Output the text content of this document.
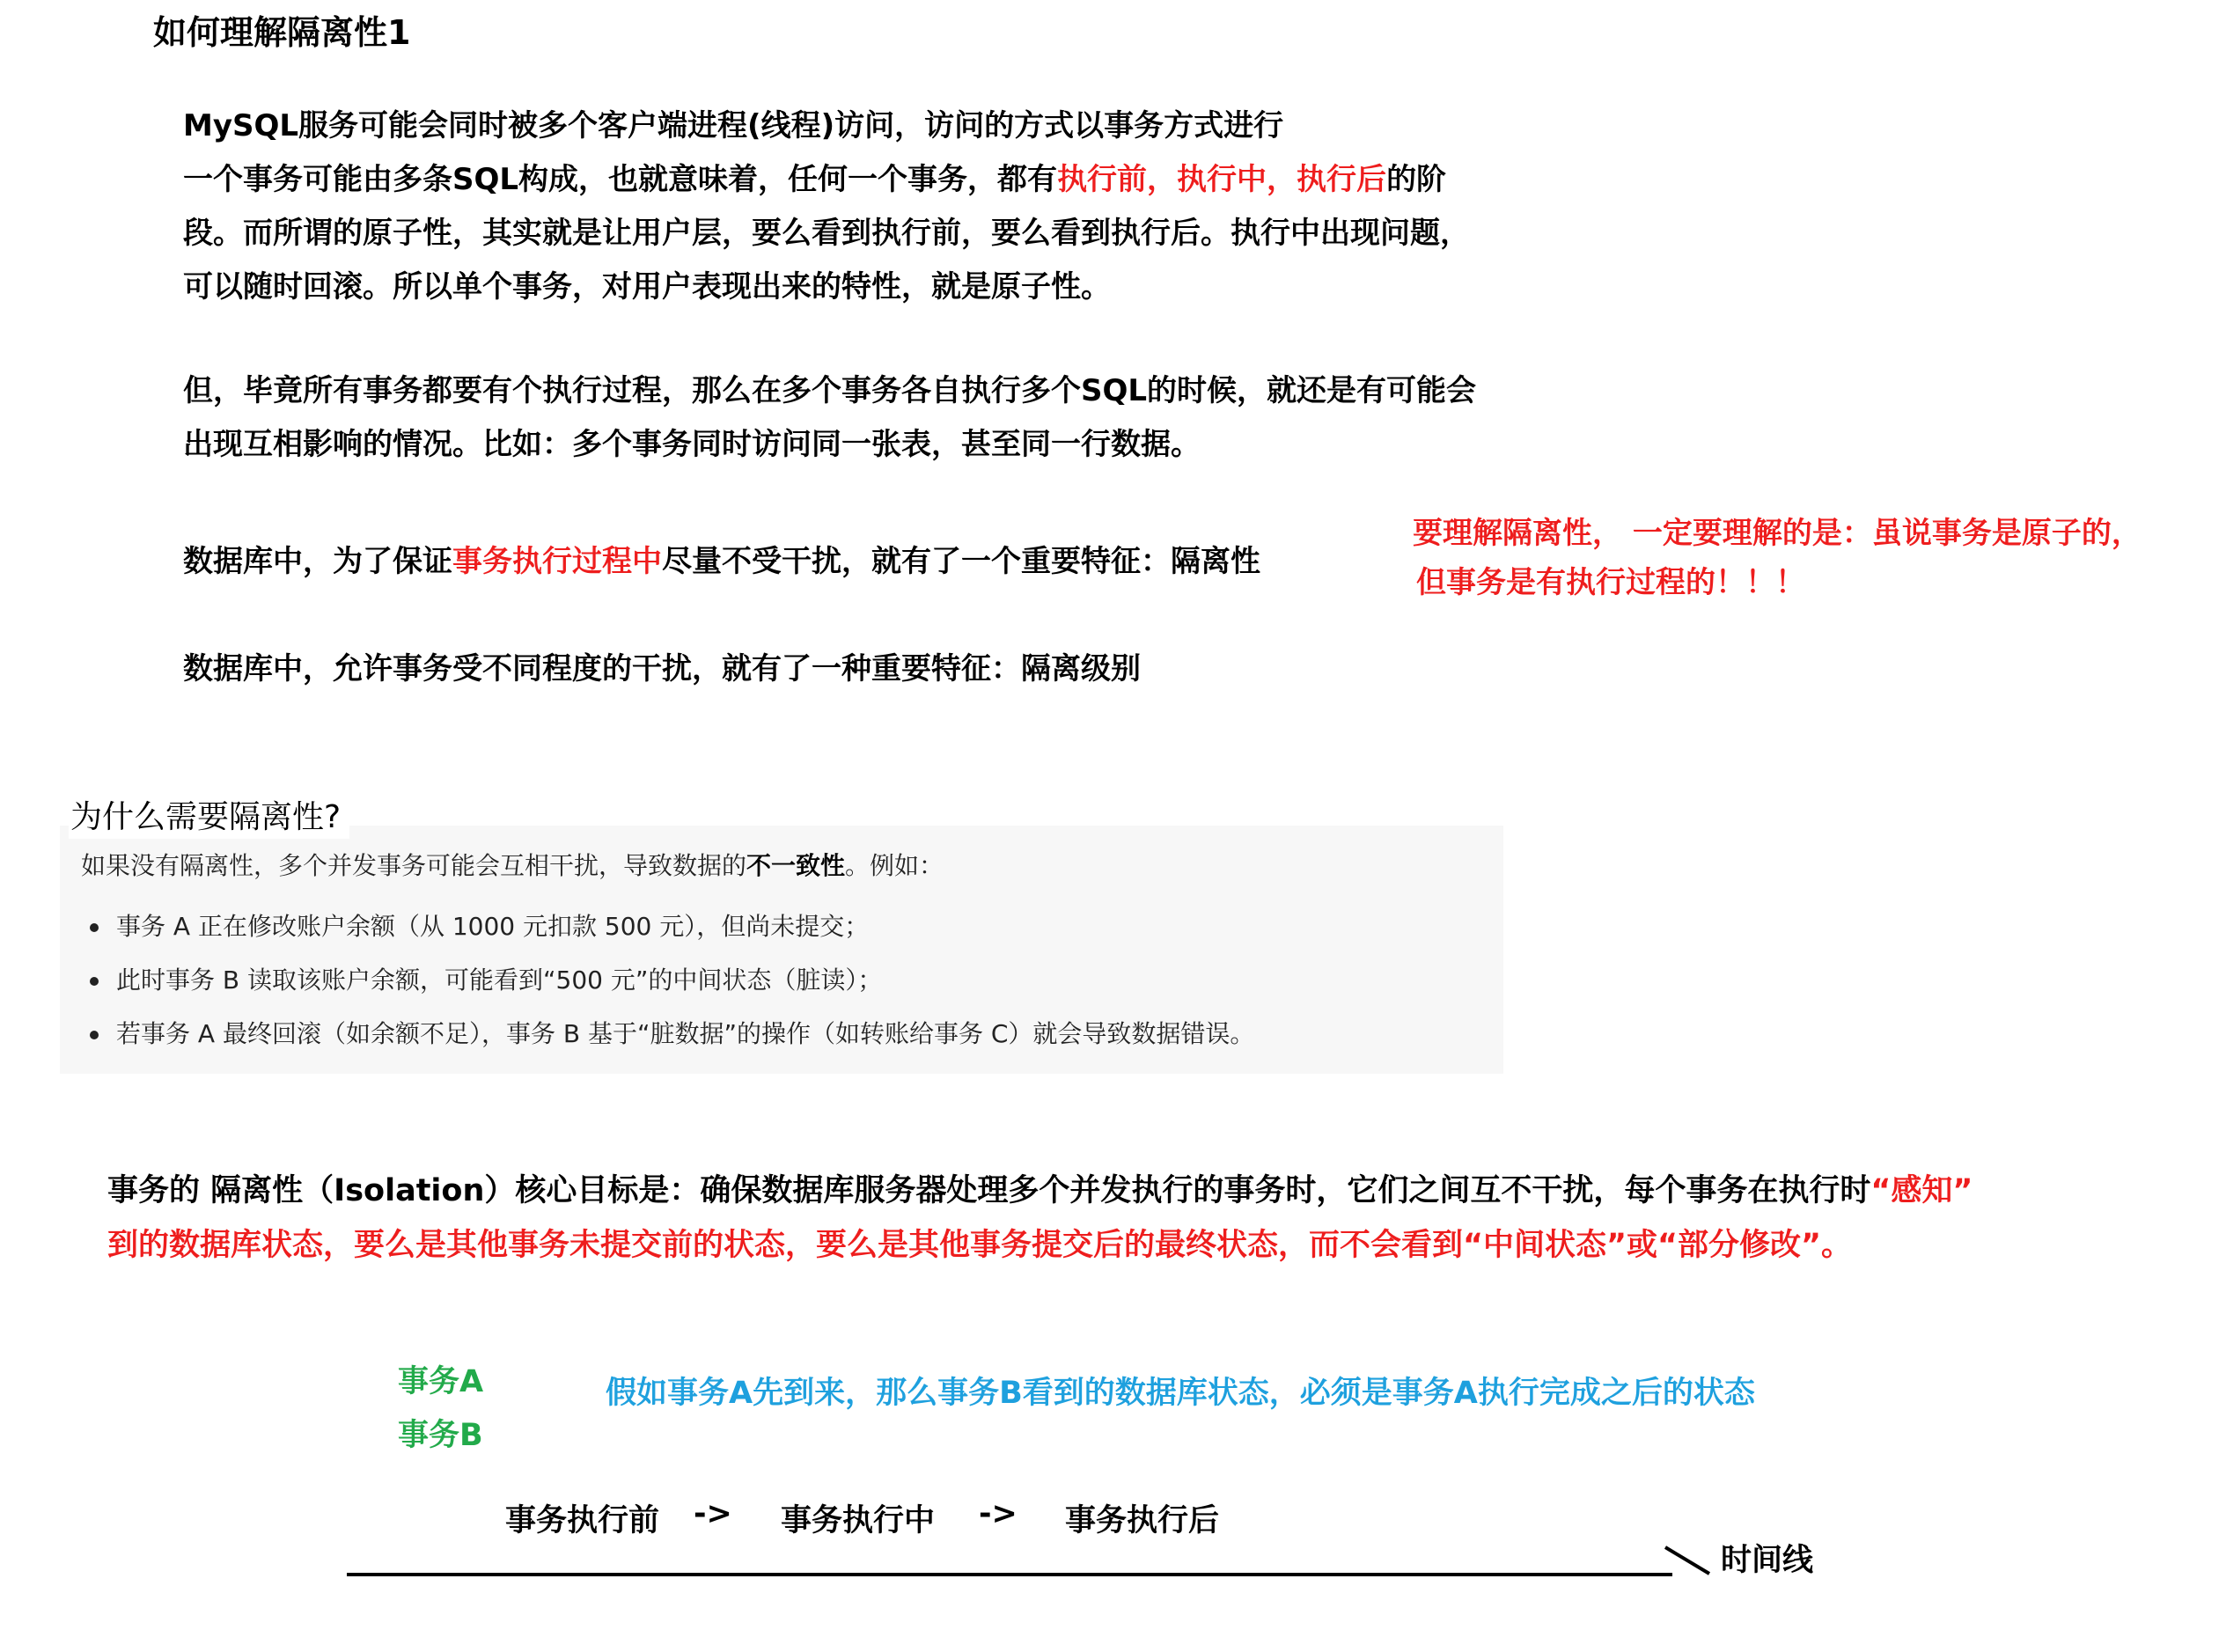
如何理解隔离性1
MySQL服务可能会同时被多个客户端进程(线程)访问，访问的方式以事务方式进行
一个事务可能由多条SQL构成，也就意味着，任何一个事务，都有执行前，执行中，执行后的阶
段。而所谓的原子性，其实就是让用户层，要么看到执行前，要么看到执行后。执行中出现问题，
可以随时回滚。所以单个事务，对用户表现出来的特性，就是原子性。
但，毕竟所有事务都要有个执行过程，那么在多个事务各自执行多个SQL的时候，就还是有可能会
出现互相影响的情况。比如：多个事务同时访问同一张表，甚至同一行数据。
数据库中，为了保证事务执行过程中尽量不受干扰，就有了一个重要特征：隔离性
数据库中，允许事务受不同程度的干扰，就有了一种重要特征：隔离级别
要理解隔离性， 一定要理解的是：虽说事务是原子的，
但事务是有执行过程的！！！
为什么需要隔离性?
如果没有隔离性，多个并发事务可能会互相干扰，导致数据的不一致性。例如：
事务 A 正在修改账户余额（从 1000 元扣款 500 元），但尚未提交；
此时事务 B 读取该账户余额，可能看到“500 元”的中间状态（脏读）；
若事务 A 最终回滚（如余额不足），事务 B 基于“脏数据”的操作（如转账给事务 C）就会导致数据错误。
事务的 隔离性（Isolation）核心目标是：确保数据库服务器处理多个并发执行的事务时，它们之间互不干扰，每个事务在执行时“感知”
到的数据库状态，要么是其他事务未提交前的状态，要么是其他事务提交后的最终状态，而不会看到“中间状态”或“部分修改”。
事务A
事务B
假如事务A先到来，那么事务B看到的数据库状态，必须是事务A执行完成之后的状态
事务执行前 -> 事务执行中 -> 事务执行后
时间线
